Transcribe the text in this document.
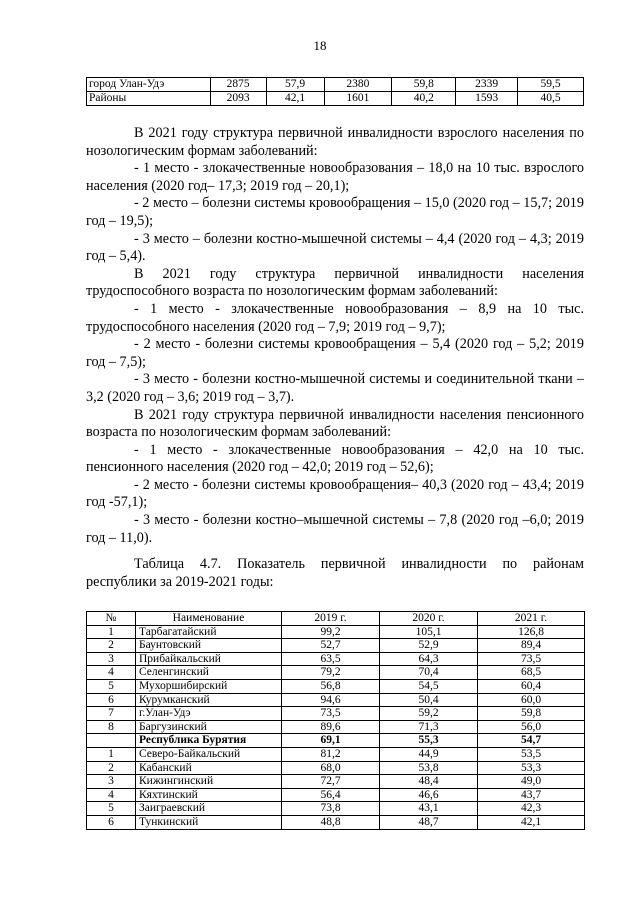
18
город Улан-Удэ	2875	57,9	2380	59,8	2339	59,5
Районы	2093	42,1	1601	40,2	1593	40,5

В 2021 году структура первичной инвалидности взрослого населения по нозологическим формам заболеваний:

- 1 место - злокачественные новообразования – 18,0 на 10 тыс. взрослого населения (2020 год– 17,3; 2019 год – 20,1);

- 2 место – болезни системы кровообращения – 15,0 (2020 год – 15,7; 2019 год – 19,5);

- 3 место – болезни костно-мышечной системы – 4,4 (2020 год – 4,3; 2019 год – 5,4).

В 2021 году структура первичной инвалидности населения трудоспособного возраста по нозологическим формам заболеваний:

- 1 место - злокачественные новообразования – 8,9 на 10 тыс. трудоспособного населения (2020 год – 7,9; 2019 год – 9,7);

- 2 место - болезни системы кровообращения – 5,4 (2020 год – 5,2; 2019 год – 7,5);

- 3 место - болезни костно-мышечной системы и соединительной ткани – 3,2 (2020 год – 3,6; 2019 год – 3,7).

В 2021 году структура первичной инвалидности населения пенсионного возраста по нозологическим формам заболеваний:

- 1 место - злокачественные новообразования – 42,0 на 10 тыс. пенсионного населения (2020 год – 42,0; 2019 год – 52,6);

- 2 место - болезни системы кровообращения– 40,3 (2020 год – 43,4; 2019 год -57,1);

- 3 место - болезни костно–мышечной системы – 7,8 (2020 год –6,0; 2019 год – 11,0).

Таблица 4.7. Показатель первичной инвалидности по районам республики за 2019-2021 годы:

№	Наименование	2019 г.	2020 г.	2021 г.
1	Тарбагатайский	99,2	105,1	126,8
2	Баунтовский	52,7	52,9	89,4
3	Прибайкальский	63,5	64,3	73,5
4	Селенгинский	79,2	70,4	68,5
5	Мухоршибирский	56,8	54,5	60,4
6	Курумканский	94,6	50,4	60,0
7	г.Улан-Удэ	73,5	59,2	59,8
8	Баргузинский	89,6	71,3	56,0
	Республика Бурятия	69,1	55,3	54,7
1	Северо-Байкальский	81,2	44,9	53,5
2	Кабанский	68,0	53,8	53,3
3	Кижингинский	72,7	48,4	49,0
4	Кяхтинский	56,4	46,6	43,7
5	Заиграевский	73,8	43,1	42,3
6	Тункинский	48,8	48,7	42,1
